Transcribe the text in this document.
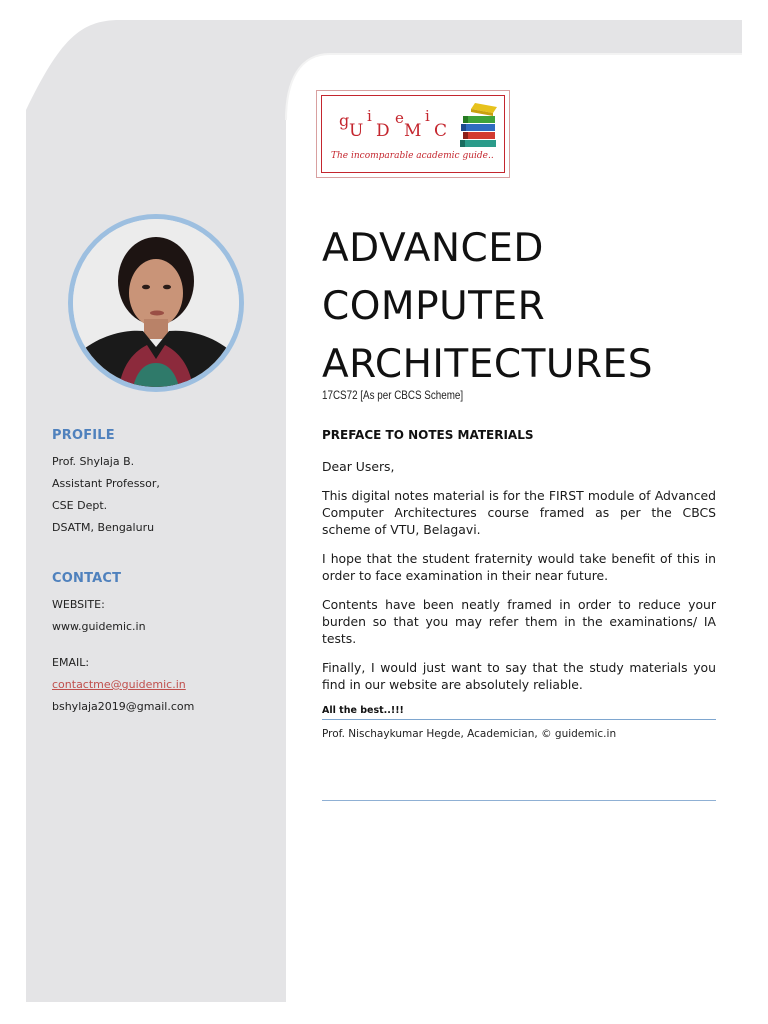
PROFILE
Prof. Shylaja B.
Assistant Professor,
CSE Dept.
DSATM, Bengaluru
CONTACT
WEBSITE:
www.guidemic.in
EMAIL:
contactme@guidemic.in
bshylaja2019@gmail.com
g
U
i
D
e
M
i
C
The incomparable academic guide..
ADVANCED
COMPUTER
ARCHITECTURES
17CS72 [As per CBCS Scheme]
PREFACE TO NOTES MATERIALS

Dear Users,

This digital notes material is for the FIRST module of Advanced Computer Architectures course framed as per the CBCS scheme of VTU, Belagavi.

I hope that the student fraternity would take benefit of this in order to face examination in their near future.

Contents have been neatly framed in order to reduce your burden so that you may refer them in the examinations/ IA tests.

Finally, I would just want to say that the study materials you find in our website are absolutely reliable.

All the best..!!!
Prof. Nischaykumar Hegde, Academician, © guidemic.in
